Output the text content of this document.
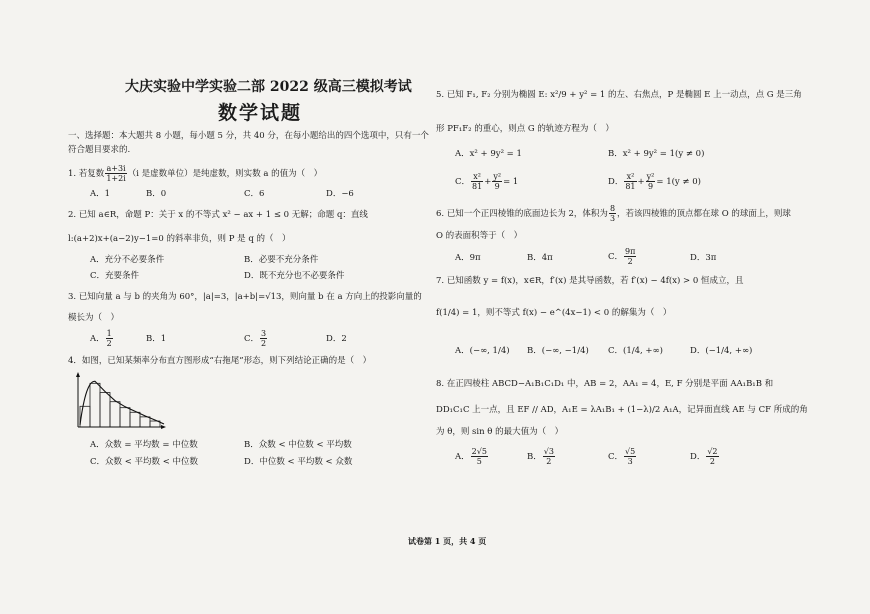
大庆实验中学实验二部 2022 级高三模拟考试
数学试题
一、选择题：本大题共 8 小题，每小题 5 分，共 40 分，在每小题给出的四个选项中，只有一个
符合题目要求的.
1. 若复数 $\frac{a+3i}{1+2i} (i$ 是虚数单位）是纯虚数，则实数 a 的值为（　）
A．1	B．0	C．6	D．−6
2. 已知 a∈R，命题 P：关于 x 的不等式 x² − ax + 1 ≤ 0 无解；命题 q：直线
l:(a+2)x+(a−2)y−1=0 的斜率非负，则 P 是 q 的（　）
A．充分不必要条件	B．必要不充分条件
C．充要条件	D．既不充分也不必要条件
3. 已知向量 a 与 b 的夹角为 60°，|a|=3，|a+b|=√13，则向量 b 在 a 方向上的投影向量的
模长为（　）
A． $\frac{1}{2}$	B．1	C． $\frac{3}{2}$	D．2
4．如图，已知某频率分布直方图形成“右拖尾”形态，则下列结论正确的是（　）
A．众数 = 平均数 = 中位数	B．众数 < 中位数 < 平均数
C．众数 < 平均数 < 中位数	D．中位数 < 平均数 < 众数
5. 已知 F₁, F₂ 分别为椭圆 E: x²/9 + y² = 1 的左、右焦点，P 是椭圆 E 上一动点，点 G 是三角
形 PF₁F₂ 的重心，则点 G 的轨迹方程为（　）
A．x² + 9y² = 1	B．x² + 9y² = 1(y ≠ 0)
C． $\frac{\text{x²}}{81} + \frac{\text{y²}}{9} = 1$	D． $\frac{\text{x²}}{81} + \frac{\text{y²}}{9} = 1(y \ne 0)$
6. 已知一个正四棱锥的底面边长为 2，体积为 $\frac{8}{3}$ ，若该四棱锥的顶点都在球 O 的球面上，则球
O 的表面积等于（　）
A．9π	B．4π	C． $\frac{9\pi}{2}$	D．3π
7. 已知函数 y = f(x)，x∈R，f′(x) 是其导函数，若 f′(x) − 4f(x) > 0 恒成立，且
f(1/4) = 1，则不等式 f(x) − e^(4x−1) < 0 的解集为（　）
A．(−∞, 1/4) B．(−∞, −1/4) C．(1/4, +∞)	D．(−1/4, +∞)
8. 在正四棱柱 ABCD−A₁B₁C₁D₁ 中，AB = 2，AA₁ = 4，E, F 分别是平面 AA₁B₁B 和
DD₁C₁C 上一点，且 EF // AD，A₁E = λA₁B₁ + (1−λ)/2 A₁A，记异面直线 AE 与 CF 所成的角
为 θ，则 sin θ 的最大值为（　）
A． $\frac{2√5}{5}$	B． $\frac{√3}{2}$	C． $\frac{√5}{3}$	D． $\frac{√2}{2}$
试卷第 1 页，共 4 页
